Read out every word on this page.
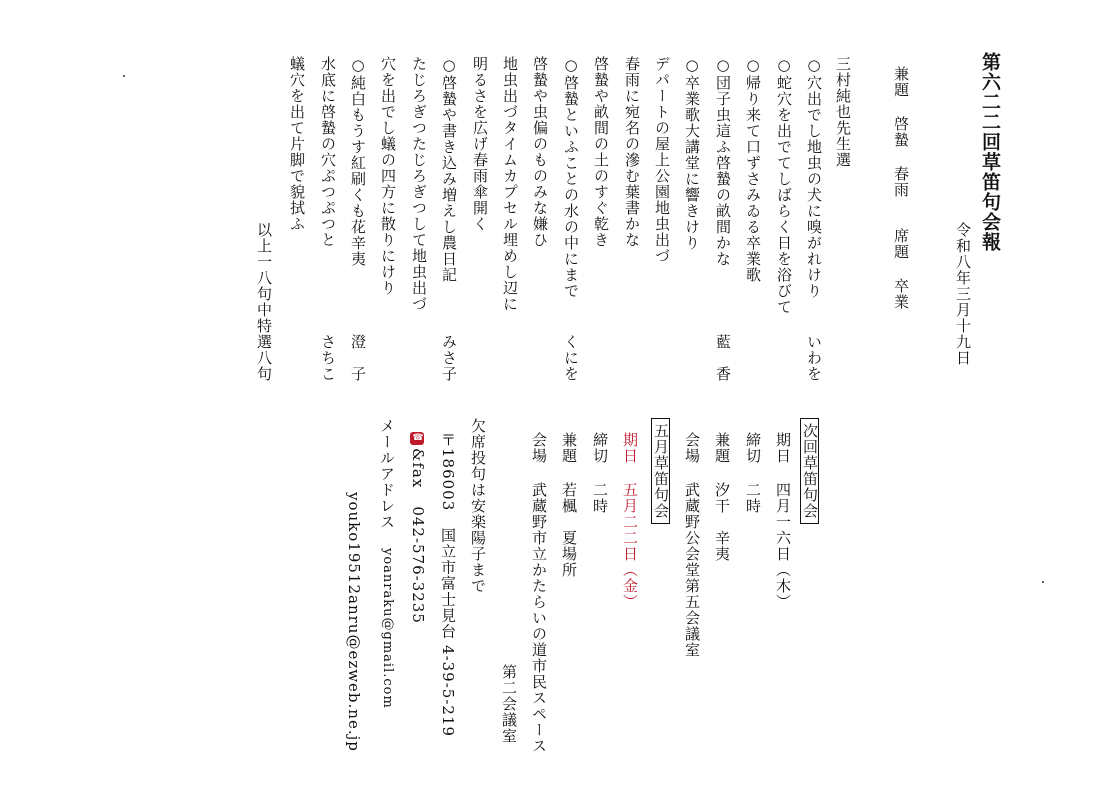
第六二二回草笛句会報
令和八年三月十九日
兼題啓蟄春雨席題卒業
三村純也先生選
○穴出でし地虫の犬に嗅がれけり
いわを
○蛇穴を出でてしばらく日を浴びて
○帰り来て口ずさみゐる卒業歌
○団子虫這ふ啓蟄の畝間かな
藍　香
○卒業歌大講堂に響きけり
デパートの屋上公園地虫出づ
春雨に宛名の滲む葉書かな
啓蟄や畝間の土のすぐ乾き
○啓蟄といふことの水の中にまで
くにを
啓蟄や虫偏のものみな嫌ひ
地虫出づタイムカプセル埋めし辺に
明るさを広げ春雨傘開く
○啓蟄や書き込み増えし農日記
みさ子
たじろぎつたじろぎつして地虫出づ
穴を出でし蟻の四方に散りにけり
○純白もうす紅刷くも花辛夷
澄　子
水底に啓蟄の穴ぷつぷつと
さちこ
蟻穴を出て片脚で貌拭ふ
以上一八句中特選八句
次回草笛句会
期日四月一六日（木）
締切二時
兼題汐干　辛夷
会場武蔵野公会堂第五会議室
五月草笛句会
期日五月二二日（金）
締切二時
兼題若楓　夏場所
会場武蔵野市立かたらいの道市民スペース
第二会議室
欠席投句は安楽陽子まで
〒186003　国立市富士見台 4-39-5-219
☎&fax042-576-3235
メールアドレスyoanraku@gmail.com
youko19512anru@ezweb.ne.jp
